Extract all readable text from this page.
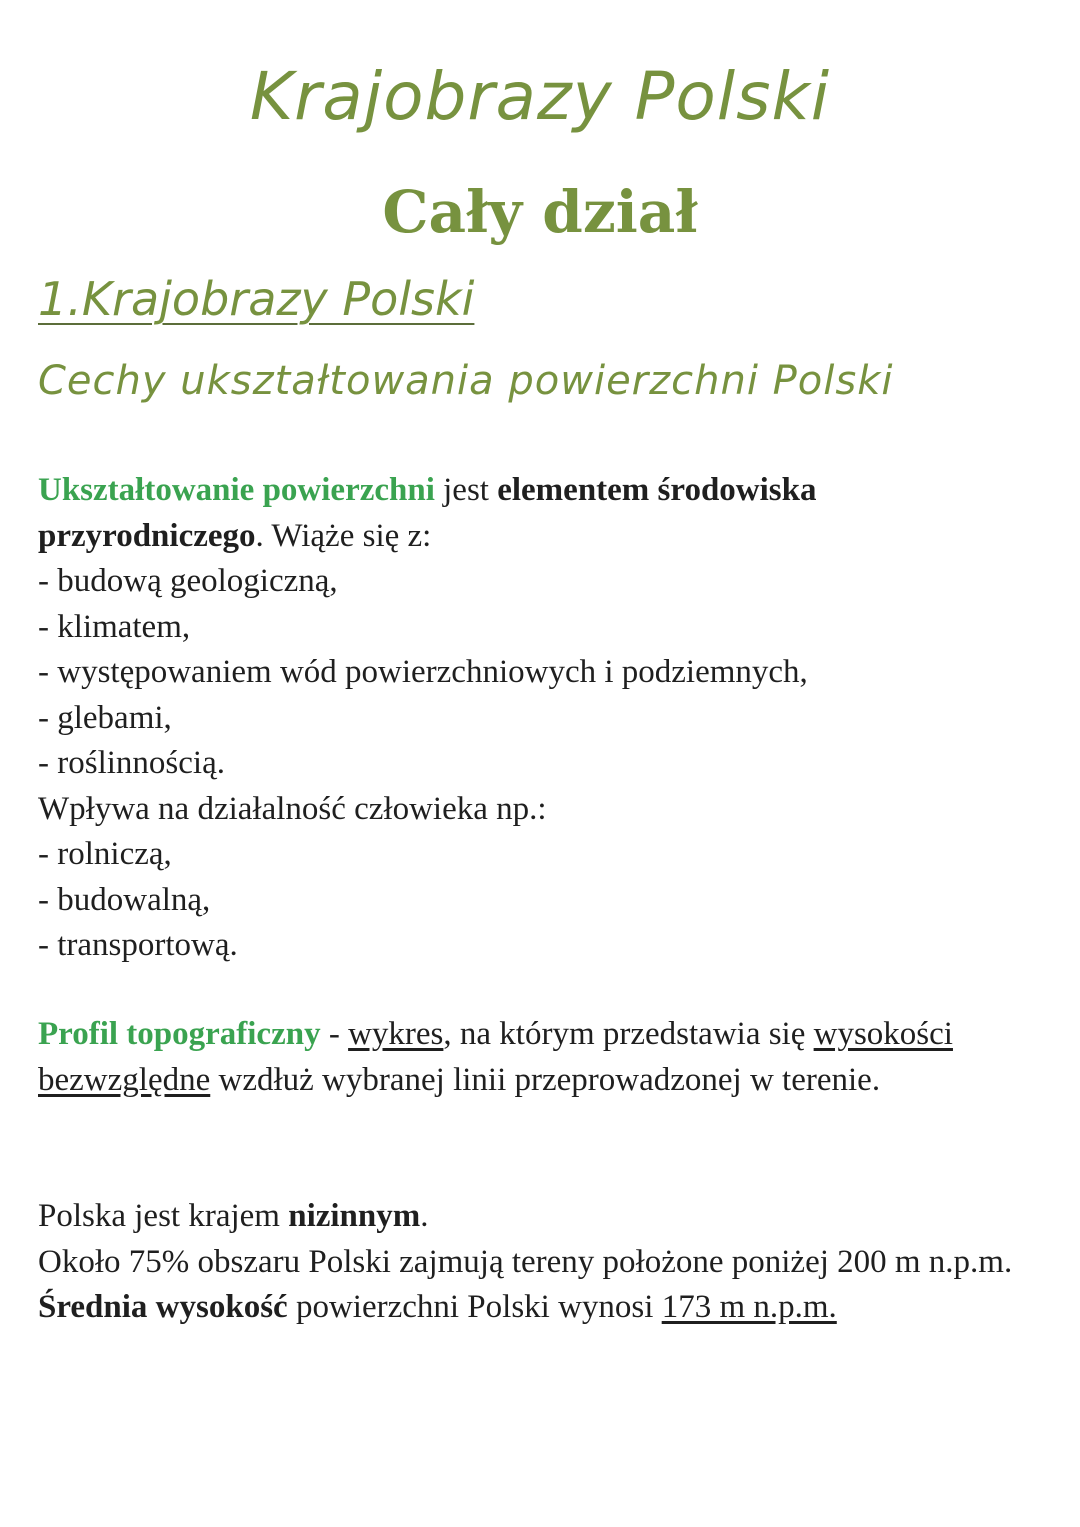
Krajobrazy Polski
Cały dział
1.Krajobrazy Polski
Cechy ukształtowania powierzchni Polski

Ukształtowanie powierzchni jest elementem środowiska przyrodniczego. Wiąże się z:

- budową geologiczną,

- klimatem,

- występowaniem wód powierzchniowych i podziemnych,

- glebami,

- roślinnością.

Wpływa na działalność człowieka np.:

- rolniczą,

- budowalną,

- transportową.

Profil topograficzny - wykres, na którym przedstawia się wysokości bezwzględne wzdłuż wybranej linii przeprowadzonej w terenie.

Polska jest krajem nizinnym.

Około 75% obszaru Polski zajmują tereny położone poniżej 200 m n.p.m.

Średnia wysokość powierzchni Polski wynosi 173 m n.p.m.
